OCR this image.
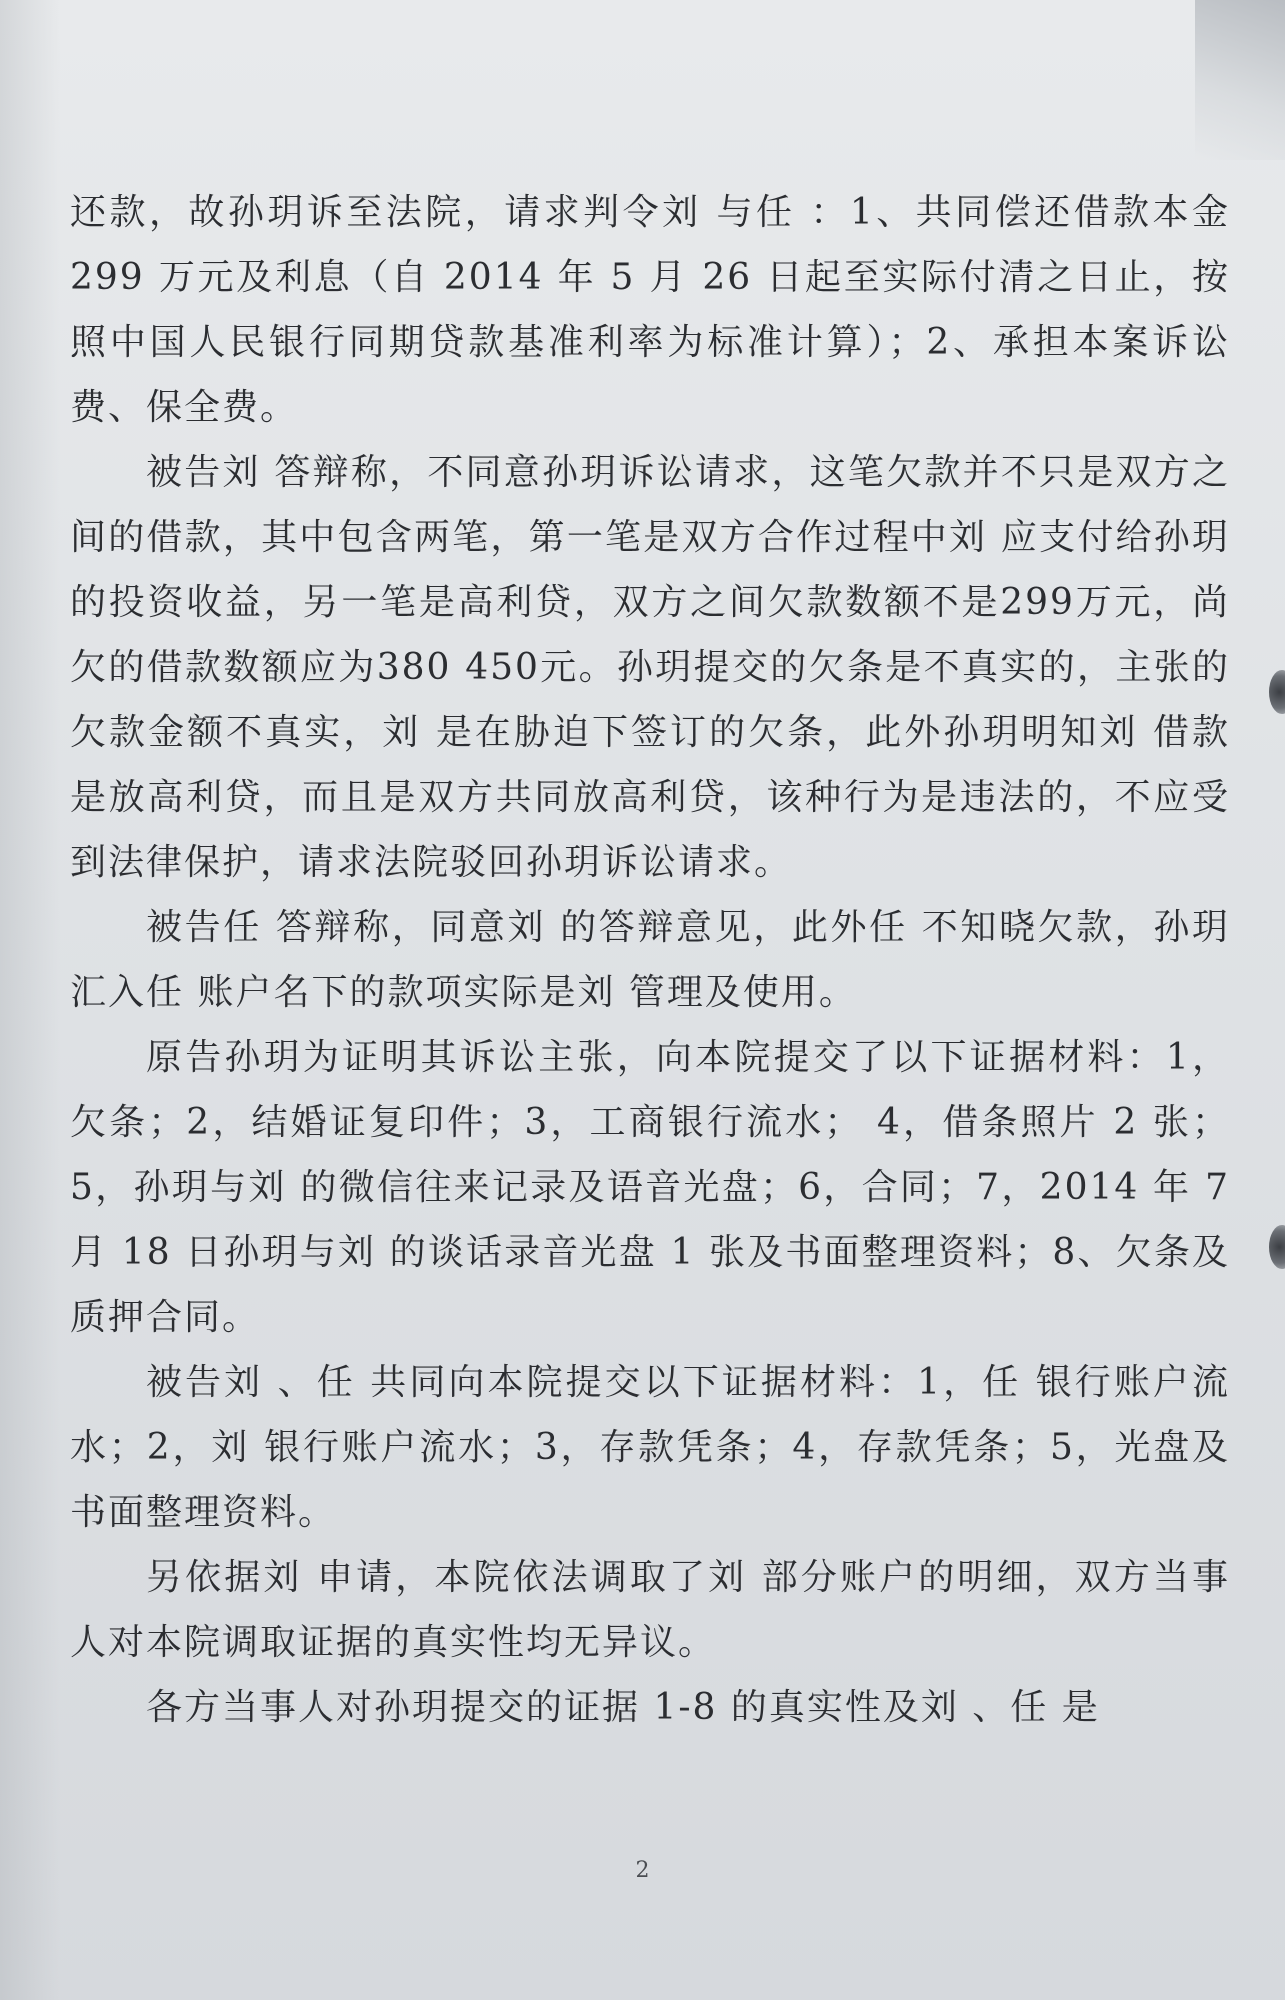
还款，故孙玥诉至法院，请求判令刘 与任 ：1、共同偿还借款本金 299 万元及利息（自 2014 年 5 月 26 日起至实际付清之日止，按照中国人民银行同期贷款基准利率为标准计算）；2、承担本案诉讼费、保全费。

被告刘 答辩称，不同意孙玥诉讼请求，这笔欠款并不只是双方之间的借款，其中包含两笔，第一笔是双方合作过程中刘 应支付给孙玥的投资收益，另一笔是高利贷，双方之间欠款数额不是299万元，尚欠的借款数额应为380 450元。孙玥提交的欠条是不真实的，主张的欠款金额不真实，刘 是在胁迫下签订的欠条，此外孙玥明知刘 借款是放高利贷，而且是双方共同放高利贷，该种行为是违法的，不应受到法律保护，请求法院驳回孙玥诉讼请求。

被告任 答辩称，同意刘 的答辩意见，此外任 不知晓欠款，孙玥汇入任 账户名下的款项实际是刘 管理及使用。

原告孙玥为证明其诉讼主张，向本院提交了以下证据材料：1，欠条；2，结婚证复印件；3，工商银行流水； 4，借条照片 2 张；5，孙玥与刘 的微信往来记录及语音光盘；6，合同；7，2014 年 7 月 18 日孙玥与刘 的谈话录音光盘 1 张及书面整理资料；8、欠条及质押合同。

被告刘 、任 共同向本院提交以下证据材料：1，任 银行账户流水；2，刘 银行账户流水；3，存款凭条；4，存款凭条；5，光盘及书面整理资料。

另依据刘 申请，本院依法调取了刘 部分账户的明细，双方当事人对本院调取证据的真实性均无异议。

各方当事人对孙玥提交的证据 1-8 的真实性及刘 、任 是

2
